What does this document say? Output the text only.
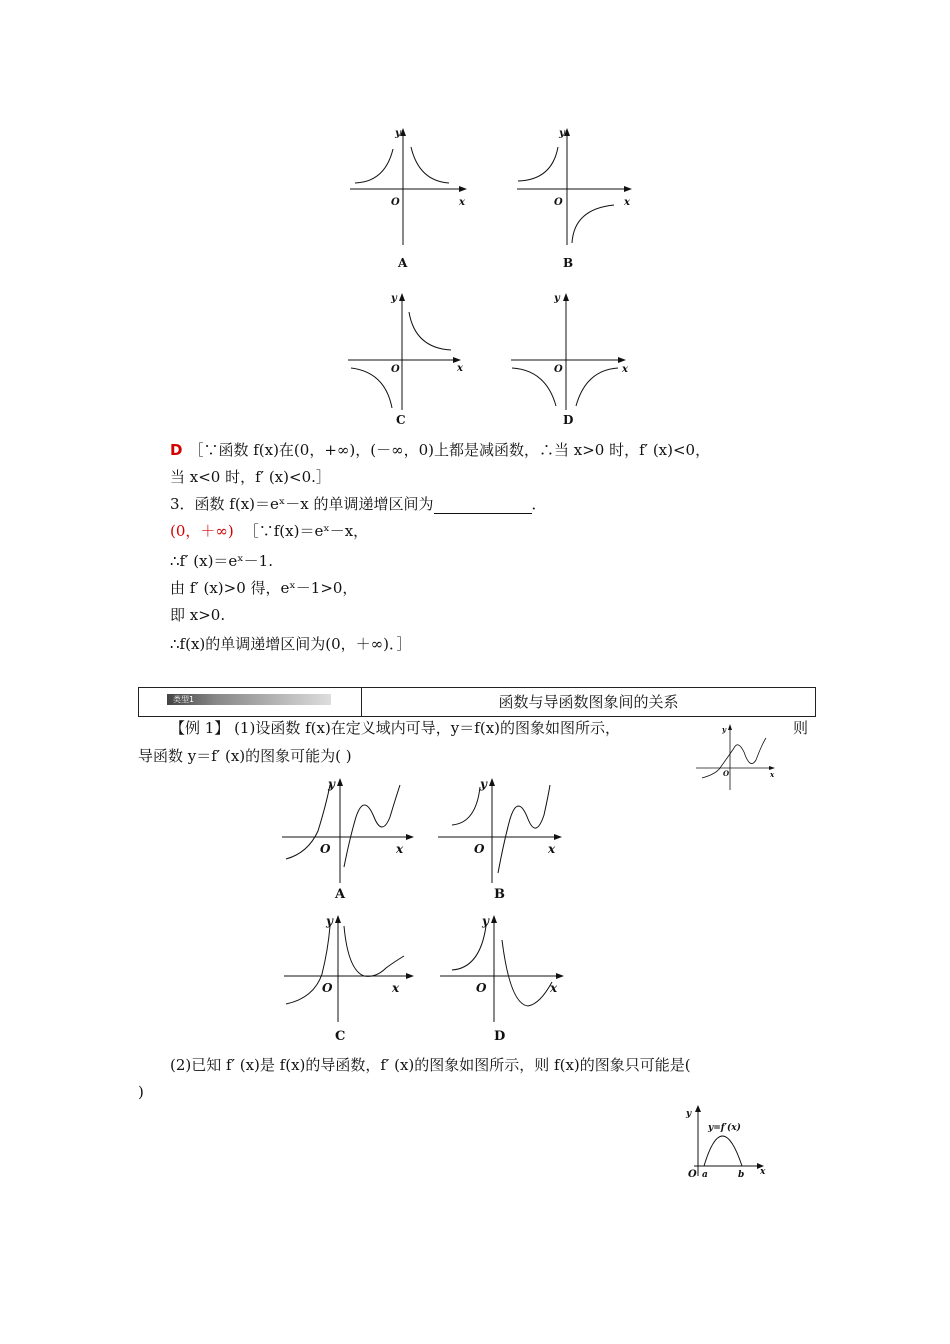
y
x
O
A
y
x
O
B
y
x
O
C
y
x
O
D
D ［∵函数 f(x)在(0，+∞)，(－∞，0)上都是减函数，∴当 x>0 时，f′ (x)<0，
当 x<0 时，f′ (x)<0.］
3．函数 f(x)＝eˣ－x 的单调递增区间为	．
(0，＋∞) ［∵f(x)＝eˣ－x，
∴f′ (x)＝eˣ－1.
由 f′ (x)>0 得，eˣ－1>0，
即 x>0.
∴f(x)的单调递增区间为(0，＋∞)．］
类型1	函数与导函数图象间的关系
【例 1】 (1)设函数 f(x)在定义域内可导，y＝f(x)的图象如图所示，	则
导函数 y＝f′ (x)的图象可能为( )
y
x
O
y
x
O
A
y
x
O
B
y
x
O
C
y
x
O
D
(2)已知 f′ (x)是 f(x)的导函数，f′ (x)的图象如图所示，则 f(x)的图象只可能是(
)
y
y=f′(x)
O a	b x
